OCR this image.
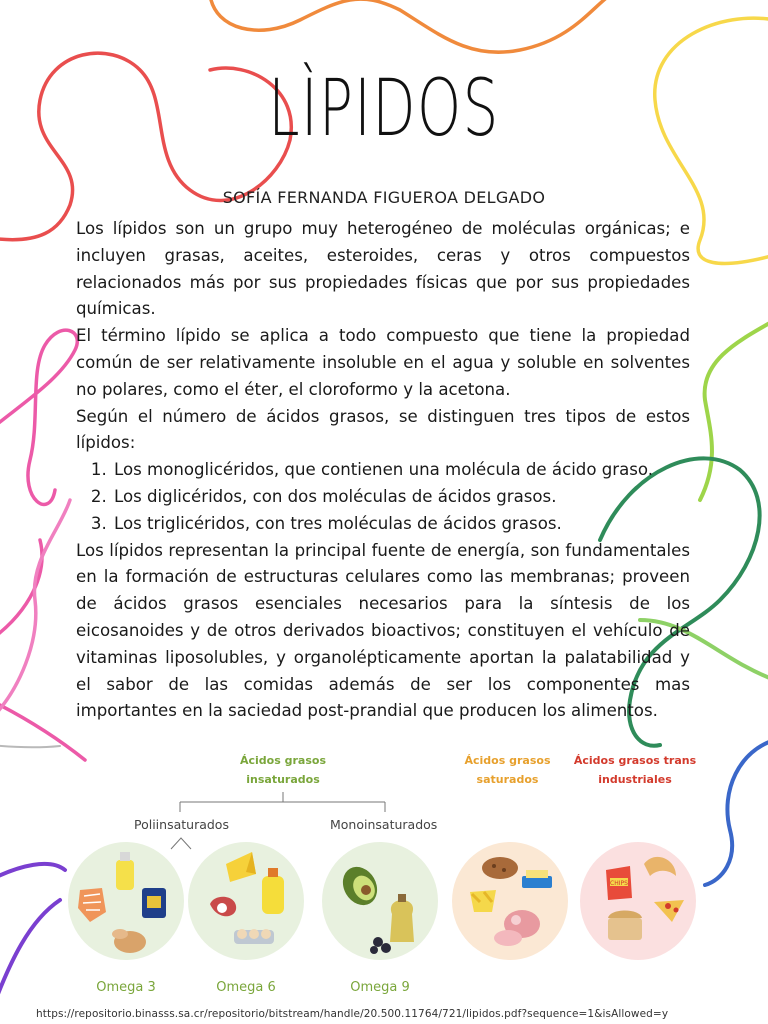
LÌPIDOS
SOFÍA FERNANDA FIGUEROA DELGADO

Los lípidos son un grupo muy heterogéneo de moléculas orgánicas; e incluyen grasas, aceites, esteroides, ceras y otros compuestos relacionados más por sus propiedades físicas que por sus propiedades químicas.

El término lípido se aplica a todo compuesto que tiene la propiedad común de ser relativamente insoluble en el agua y soluble en solventes no polares, como el éter, el cloroformo y la acetona.

Según el número de ácidos grasos, se distinguen tres tipos de estos lípidos:

1. Los monoglicéridos, que contienen una molécula de ácido graso.
2. Los diglicéridos, con dos moléculas de ácidos grasos.
3. Los triglicéridos, con tres moléculas de ácidos grasos.

Los lípidos representan la principal fuente de energía, son fundamentales en la formación de estructuras celulares como las membranas; proveen de ácidos grasos esenciales necesarios para la síntesis de los eicosanoides y de otros derivados bioactivos; constituyen el vehículo de vitaminas liposolubles, y organolépticamente aportan la palatabilidad y el sabor de las comidas además de ser los componentes mas importantes en la saciedad post-prandial que producen los alimentos.

Ácidos grasos
insaturados
Ácidos grasos
saturados
Ácidos grasos trans
industriales
Poliinsaturados	Monoinsaturados
CHIPS
Omega 3	Omega 6	Omega 9
https://repositorio.binasss.sa.cr/repositorio/bitstream/handle/20.500.11764/721/lipidos.pdf?sequence=1&isAllowed=y
